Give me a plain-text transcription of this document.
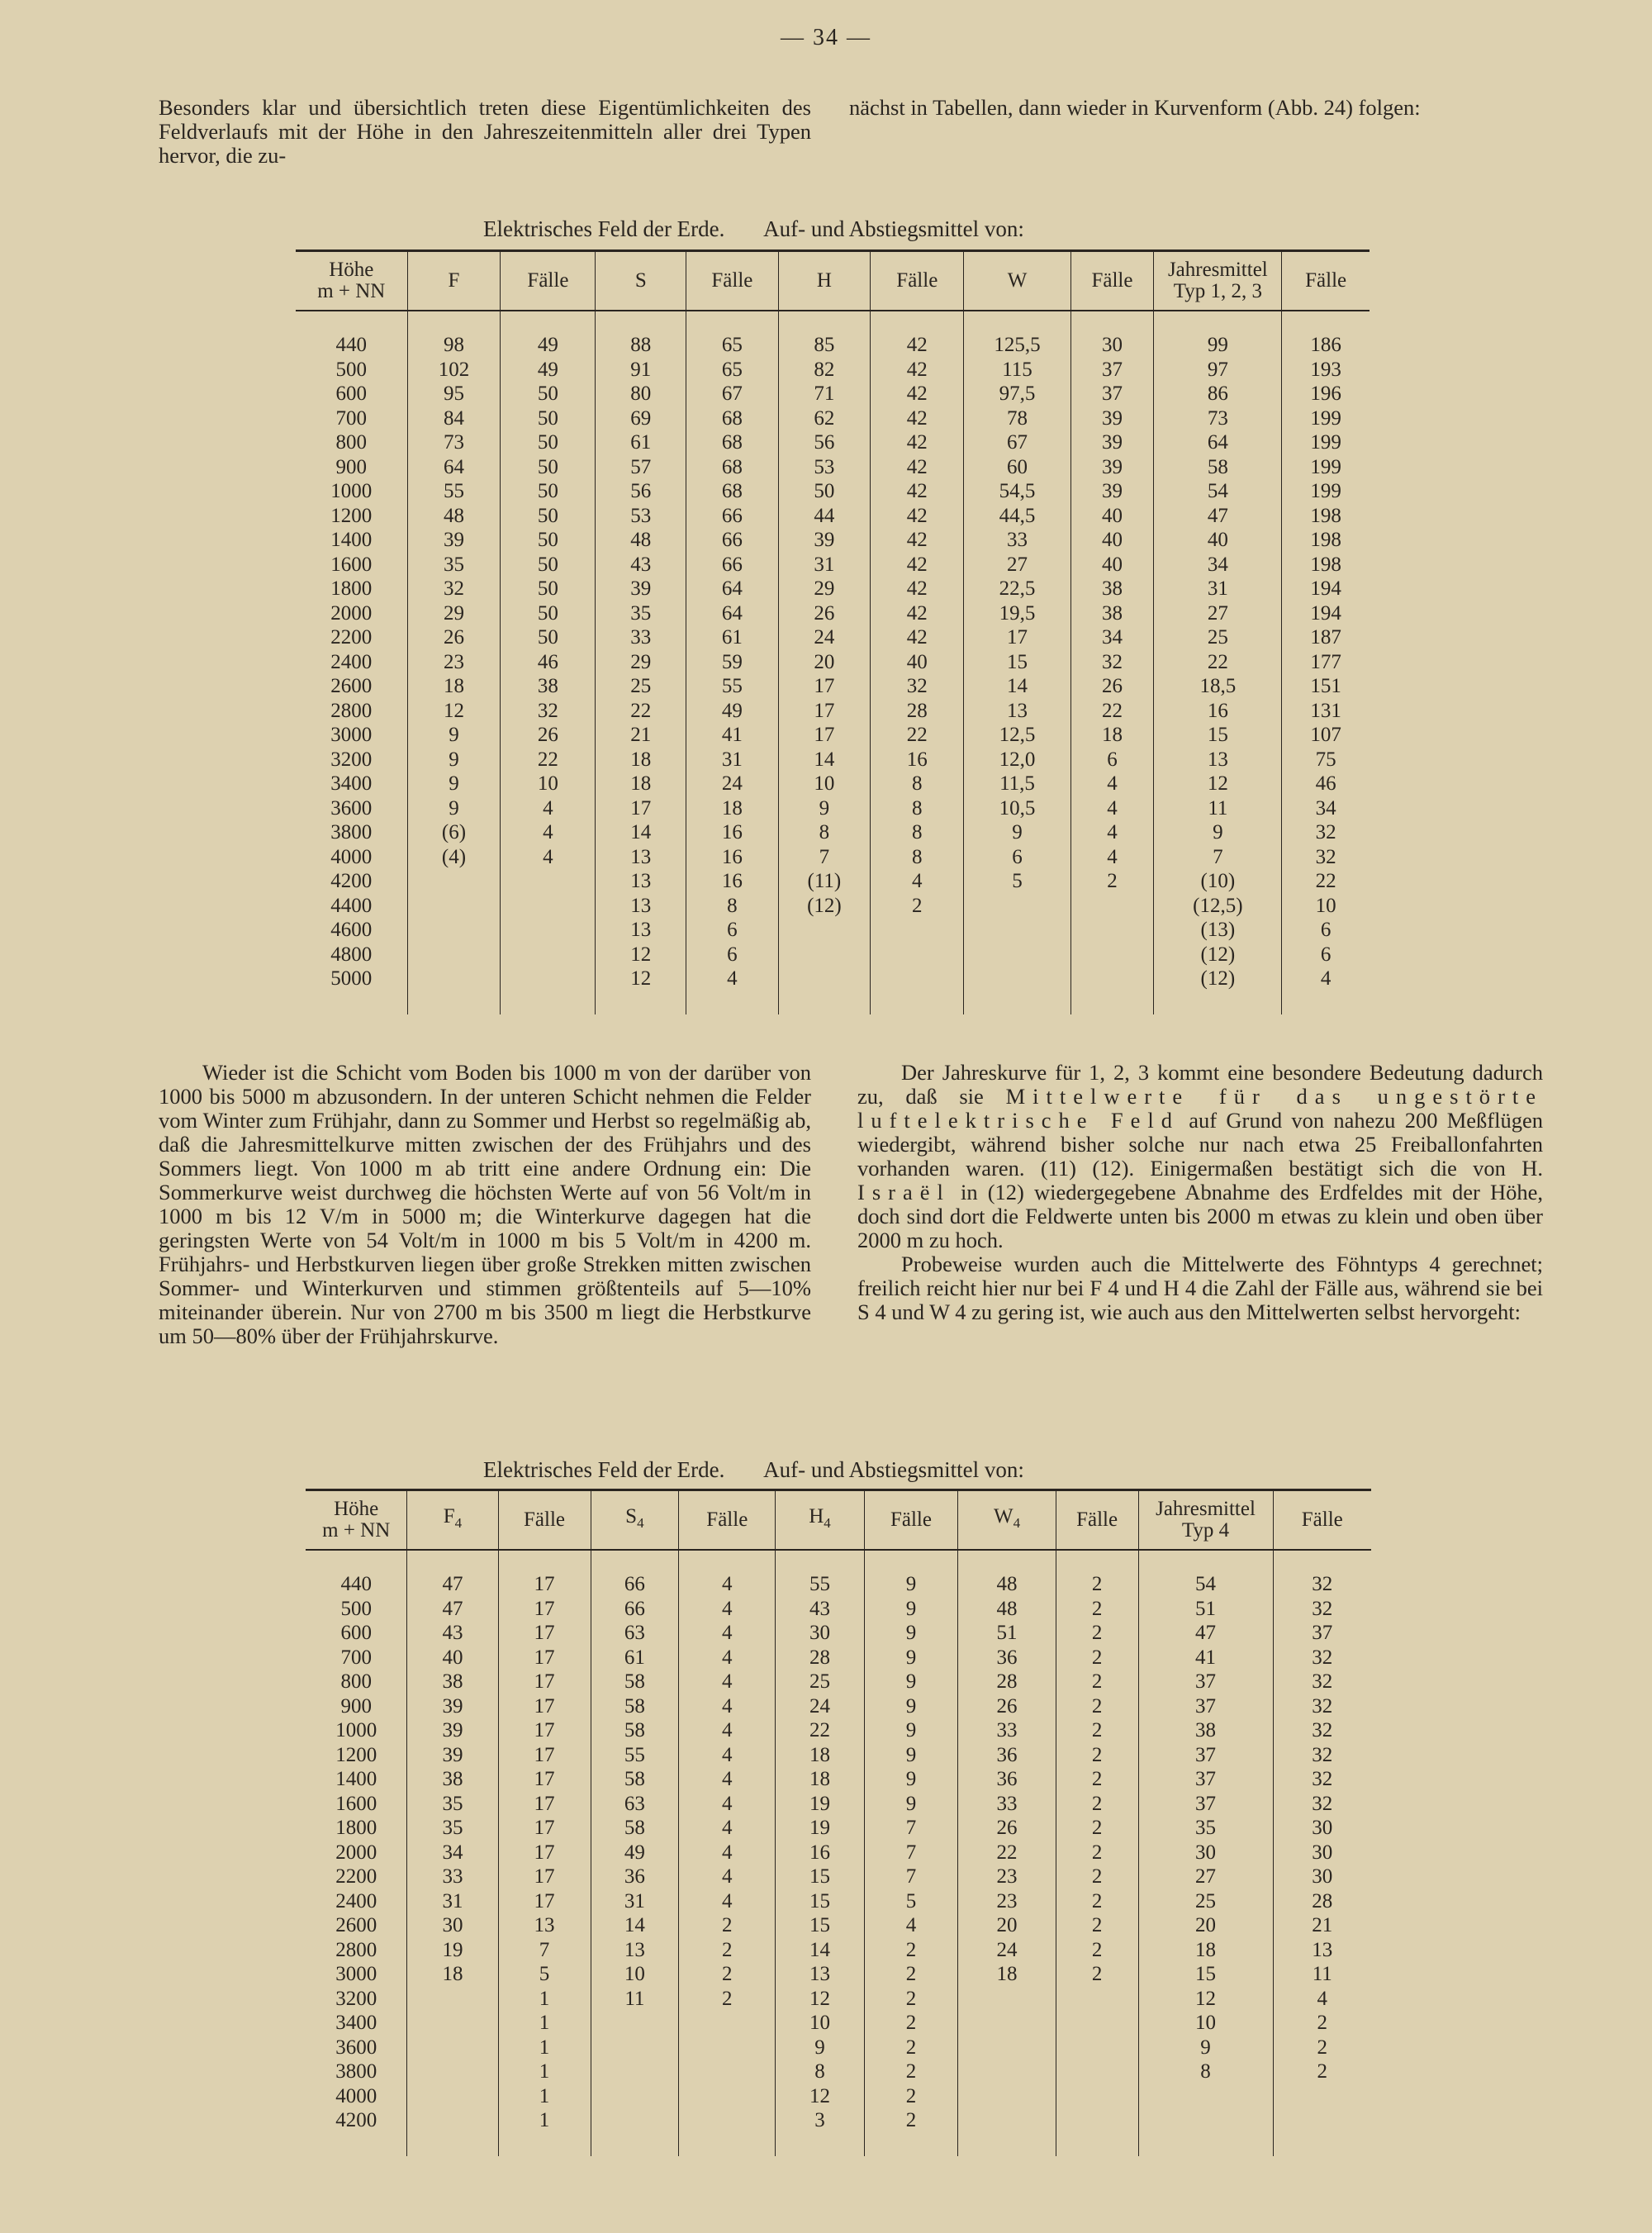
— 34 —

Besonders klar und übersichtlich treten diese Eigentümlichkeiten des Feldverlaufs mit der Höhe in den Jahreszeitenmitteln aller drei Typen hervor, die zu-

nächst in Tabellen, dann wieder in Kurvenform (Abb. 24) folgen:

Elektrisches Feld der Erde. Auf- und Abstiegsmittel von:
Höhe
m + NN	F	Fälle	S	Fälle	H	Fälle	W	Fälle	Jahresmittel
Typ 1, 2, 3	Fälle

440	98	49	88	65	85	42	125,5	30	99	186
500	102	49	91	65	82	42	115	37	97	193
600	95	50	80	67	71	42	97,5	37	86	196
700	84	50	69	68	62	42	78	39	73	199
800	73	50	61	68	56	42	67	39	64	199
900	64	50	57	68	53	42	60	39	58	199
1000	55	50	56	68	50	42	54,5	39	54	199
1200	48	50	53	66	44	42	44,5	40	47	198
1400	39	50	48	66	39	42	33	40	40	198
1600	35	50	43	66	31	42	27	40	34	198
1800	32	50	39	64	29	42	22,5	38	31	194
2000	29	50	35	64	26	42	19,5	38	27	194
2200	26	50	33	61	24	42	17	34	25	187
2400	23	46	29	59	20	40	15	32	22	177
2600	18	38	25	55	17	32	14	26	18,5	151
2800	12	32	22	49	17	28	13	22	16	131
3000	9	26	21	41	17	22	12,5	18	15	107
3200	9	22	18	31	14	16	12,0	6	13	75
3400	9	10	18	24	10	8	11,5	4	12	46
3600	9	4	17	18	9	8	10,5	4	11	34
3800	(6)	4	14	16	8	8	9	4	9	32
4000	(4)	4	13	16	7	8	6	4	7	32
4200			13	16	(11)	4	5	2	(10)	22
4400			13	8	(12)	2			(12,5)	10
4600			13	6					(13)	6
4800			12	6					(12)	6
5000			12	4					(12)	4

Wieder ist die Schicht vom Boden bis 1000 m von der darüber von 1000 bis 5000 m abzusondern. In der unteren Schicht nehmen die Felder vom Winter zum Frühjahr, dann zu Sommer und Herbst so regelmäßig ab, daß die Jahresmittelkurve mitten zwischen der des Frühjahrs und des Sommers liegt. Von 1000 m ab tritt eine andere Ordnung ein: Die Sommerkurve weist durchweg die höchsten Werte auf von 56 Volt/m in 1000 m bis 12 V/m in 5000 m; die Winterkurve dagegen hat die geringsten Werte von 54 Volt/m in 1000 m bis 5 Volt/m in 4200 m. Frühjahrs- und Herbstkurven liegen über große Strekken mitten zwischen Sommer- und Winterkurven und stimmen größtenteils auf 5—10% miteinander überein. Nur von 2700 m bis 3500 m liegt die Herbstkurve um 50—80% über der Frühjahrskurve.

Der Jahreskurve für 1, 2, 3 kommt eine besondere Bedeutung dadurch zu, daß sie Mittelwerte für das ungestörte luftelektrische Feld auf Grund von nahezu 200 Meßflügen wiedergibt, während bisher solche nur nach etwa 25 Freiballonfahrten vorhanden waren. (11) (12). Einigermaßen bestätigt sich die von H. Israël in (12) wiedergegebene Abnahme des Erdfeldes mit der Höhe, doch sind dort die Feldwerte unten bis 2000 m etwas zu klein und oben über 2000 m zu hoch.

Probeweise wurden auch die Mittelwerte des Föhntyps 4 gerechnet; freilich reicht hier nur bei F 4 und H 4 die Zahl der Fälle aus, während sie bei S 4 und W 4 zu gering ist, wie auch aus den Mittelwerten selbst hervorgeht:

Elektrisches Feld der Erde. Auf- und Abstiegsmittel von:
Höhe
m + NN	$F_4$	Fälle	$S_4$	Fälle	$H_4$	Fälle	$W_4$	Fälle	Jahresmittel
Typ 4	Fälle

440	47	17	66	4	55	9	48	2	54	32
500	47	17	66	4	43	9	48	2	51	32
600	43	17	63	4	30	9	51	2	47	37
700	40	17	61	4	28	9	36	2	41	32
800	38	17	58	4	25	9	28	2	37	32
900	39	17	58	4	24	9	26	2	37	32
1000	39	17	58	4	22	9	33	2	38	32
1200	39	17	55	4	18	9	36	2	37	32
1400	38	17	58	4	18	9	36	2	37	32
1600	35	17	63	4	19	9	33	2	37	32
1800	35	17	58	4	19	7	26	2	35	30
2000	34	17	49	4	16	7	22	2	30	30
2200	33	17	36	4	15	7	23	2	27	30
2400	31	17	31	4	15	5	23	2	25	28
2600	30	13	14	2	15	4	20	2	20	21
2800	19	7	13	2	14	2	24	2	18	13
3000	18	5	10	2	13	2	18	2	15	11
3200		1	11	2	12	2			12	4
3400		1			10	2			10	2
3600		1			9	2			9	2
3800		1			8	2			8	2
4000		1			12	2				
4200		1			3	2				
